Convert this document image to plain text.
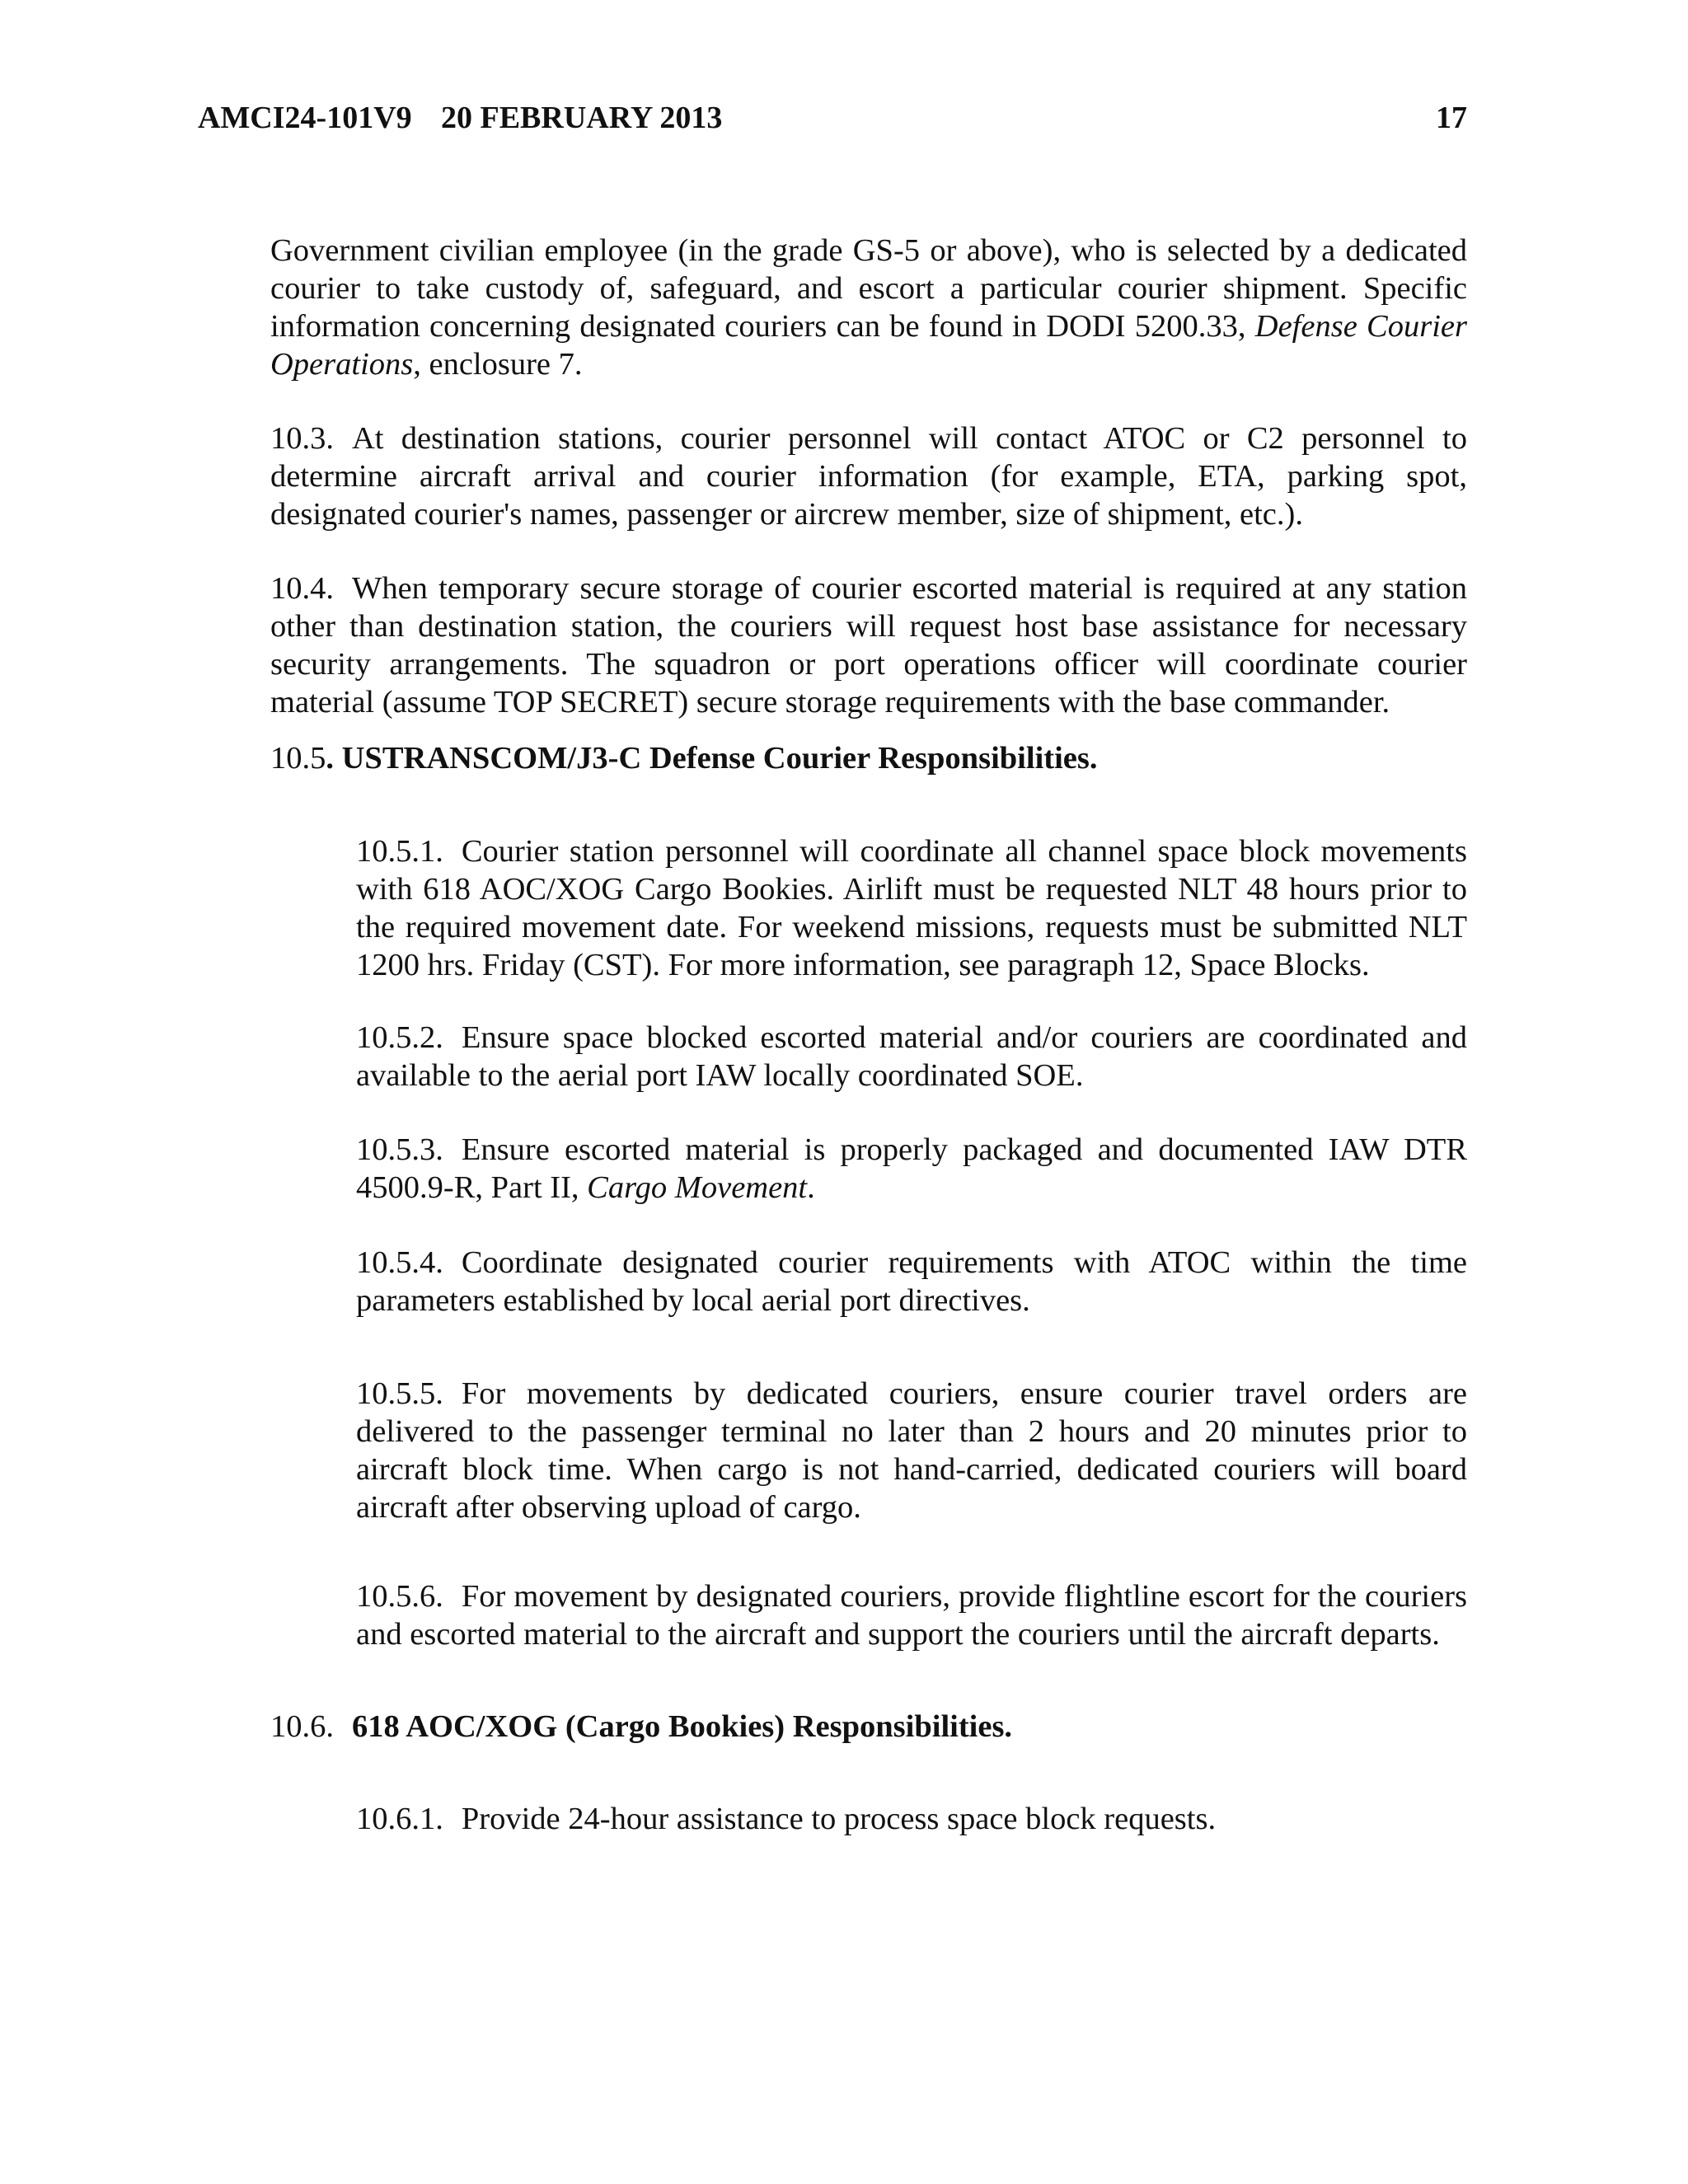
AMCI24-101V9 20 FEBRUARY 2013	17
Government civilian employee (in the grade GS-5 or above), who is selected by a dedicated courier to take custody of, safeguard, and escort a particular courier shipment. Specific information concerning designated couriers can be found in DODI 5200.33, Defense Courier Operations, enclosure 7.
10.3. At destination stations, courier personnel will contact ATOC or C2 personnel to determine aircraft arrival and courier information (for example, ETA, parking spot, designated courier's names, passenger or aircrew member, size of shipment, etc.).
10.4. When temporary secure storage of courier escorted material is required at any station other than destination station, the couriers will request host base assistance for necessary security arrangements. The squadron or port operations officer will coordinate courier material (assume TOP SECRET) secure storage requirements with the base commander.
10.5. USTRANSCOM/J3-C Defense Courier Responsibilities.
10.5.1. Courier station personnel will coordinate all channel space block movements with 618 AOC/XOG Cargo Bookies. Airlift must be requested NLT 48 hours prior to the required movement date. For weekend missions, requests must be submitted NLT 1200 hrs. Friday (CST). For more information, see paragraph 12, Space Blocks.
10.5.2. Ensure space blocked escorted material and/or couriers are coordinated and available to the aerial port IAW locally coordinated SOE.
10.5.3. Ensure escorted material is properly packaged and documented IAW DTR 4500.9-R, Part II, Cargo Movement.
10.5.4. Coordinate designated courier requirements with ATOC within the time parameters established by local aerial port directives.
10.5.5. For movements by dedicated couriers, ensure courier travel orders are delivered to the passenger terminal no later than 2 hours and 20 minutes prior to aircraft block time. When cargo is not hand-carried, dedicated couriers will board aircraft after observing upload of cargo.
10.5.6. For movement by designated couriers, provide flightline escort for the couriers and escorted material to the aircraft and support the couriers until the aircraft departs.
10.6. 618 AOC/XOG (Cargo Bookies) Responsibilities.
10.6.1. Provide 24-hour assistance to process space block requests.
